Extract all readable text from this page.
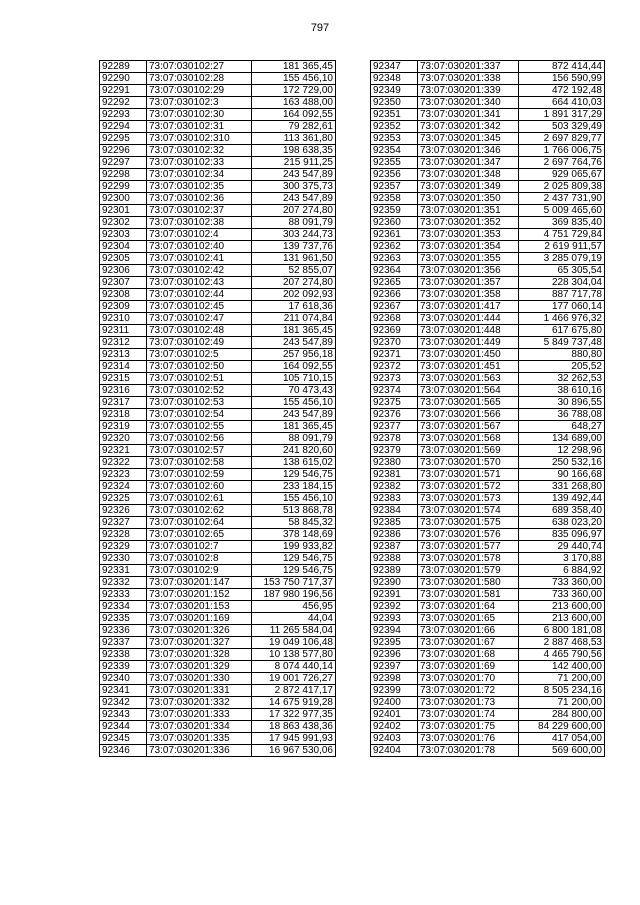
797
92289	73:07:030102:27	181 365,45
92290	73:07:030102:28	155 456,10
92291	73:07:030102:29	172 729,00
92292	73:07:030102:3	163 488,00
92293	73:07:030102:30	164 092,55
92294	73:07:030102:31	79 282,61
92295	73:07:030102:310	113 361,80
92296	73:07:030102:32	198 638,35
92297	73:07:030102:33	215 911,25
92298	73:07:030102:34	243 547,89
92299	73:07:030102:35	300 375,73
92300	73:07:030102:36	243 547,89
92301	73:07:030102:37	207 274,80
92302	73:07:030102:38	88 091,79
92303	73:07:030102:4	303 244,73
92304	73:07:030102:40	139 737,76
92305	73:07:030102:41	131 961,50
92306	73:07:030102:42	52 855,07
92307	73:07:030102:43	207 274,80
92308	73:07:030102:44	202 092,93
92309	73:07:030102:45	17 618,36
92310	73:07:030102:47	211 074,84
92311	73:07:030102:48	181 365,45
92312	73:07:030102:49	243 547,89
92313	73:07:030102:5	257 956,18
92314	73:07:030102:50	164 092,55
92315	73:07:030102:51	105 710,15
92316	73:07:030102:52	70 473,43
92317	73:07:030102:53	155 456,10
92318	73:07:030102:54	243 547,89
92319	73:07:030102:55	181 365,45
92320	73:07:030102:56	88 091,79
92321	73:07:030102:57	241 820,60
92322	73:07:030102:58	138 615,02
92323	73:07:030102:59	129 546,75
92324	73:07:030102:60	233 184,15
92325	73:07:030102:61	155 456,10
92326	73:07:030102:62	513 868,78
92327	73:07:030102:64	58 845,32
92328	73:07:030102:65	378 148,69
92329	73:07:030102:7	199 933,82
92330	73:07:030102:8	129 546,75
92331	73:07:030102:9	129 546,75
92332	73:07:030201:147	153 750 717,37
92333	73:07:030201:152	187 980 196,56
92334	73:07:030201:153	456,95
92335	73:07:030201:169	44,04
92336	73:07:030201:326	11 265 584,04
92337	73:07:030201:327	19 049 106,48
92338	73:07:030201:328	10 138 577,80
92339	73:07:030201:329	8 074 440,14
92340	73:07:030201:330	19 001 726,27
92341	73:07:030201:331	2 872 417,17
92342	73:07:030201:332	14 675 919,28
92343	73:07:030201:333	17 322 977,35
92344	73:07:030201:334	18 863 438,36
92345	73:07:030201:335	17 945 991,93
92346	73:07:030201:336	16 967 530,06
92347	73:07:030201:337	872 414,44
92348	73:07:030201:338	156 590,99
92349	73:07:030201:339	472 192,48
92350	73:07:030201:340	664 410,03
92351	73:07:030201:341	1 891 317,29
92352	73:07:030201:342	503 329,49
92353	73:07:030201:345	2 697 829,77
92354	73:07:030201:346	1 766 006,75
92355	73:07:030201:347	2 697 764,76
92356	73:07:030201:348	929 065,67
92357	73:07:030201:349	2 025 809,38
92358	73:07:030201:350	2 437 731,90
92359	73:07:030201:351	5 009 465,60
92360	73:07:030201:352	369 835,40
92361	73:07:030201:353	4 751 729,84
92362	73:07:030201:354	2 619 911,57
92363	73:07:030201:355	3 285 079,19
92364	73:07:030201:356	65 305,54
92365	73:07:030201:357	228 304,04
92366	73:07:030201:358	887 717,78
92367	73:07:030201:417	177 060,14
92368	73:07:030201:444	1 466 976,32
92369	73:07:030201:448	617 675,80
92370	73:07:030201:449	5 849 737,48
92371	73:07:030201:450	880,80
92372	73:07:030201:451	205,52
92373	73:07:030201:563	32 262,53
92374	73:07:030201:564	38 610,16
92375	73:07:030201:565	30 896,55
92376	73:07:030201:566	36 788,08
92377	73:07:030201:567	648,27
92378	73:07:030201:568	134 689,00
92379	73:07:030201:569	12 298,96
92380	73:07:030201:570	250 532,16
92381	73:07:030201:571	90 166,68
92382	73:07:030201:572	331 268,80
92383	73:07:030201:573	139 492,44
92384	73:07:030201:574	689 358,40
92385	73:07:030201:575	638 023,20
92386	73:07:030201:576	835 096,97
92387	73:07:030201:577	29 440,74
92388	73:07:030201:578	3 170,88
92389	73:07:030201:579	6 884,92
92390	73:07:030201:580	733 360,00
92391	73:07:030201:581	733 360,00
92392	73:07:030201:64	213 600,00
92393	73:07:030201:65	213 600,00
92394	73:07:030201:66	6 800 181,08
92395	73:07:030201:67	2 887 468,53
92396	73:07:030201:68	4 465 790,56
92397	73:07:030201:69	142 400,00
92398	73:07:030201:70	71 200,00
92399	73:07:030201:72	8 505 234,16
92400	73:07:030201:73	71 200,00
92401	73:07:030201:74	284 800,00
92402	73:07:030201:75	84 229 600,00
92403	73:07:030201:76	417 054,00
92404	73:07:030201:78	569 600,00
